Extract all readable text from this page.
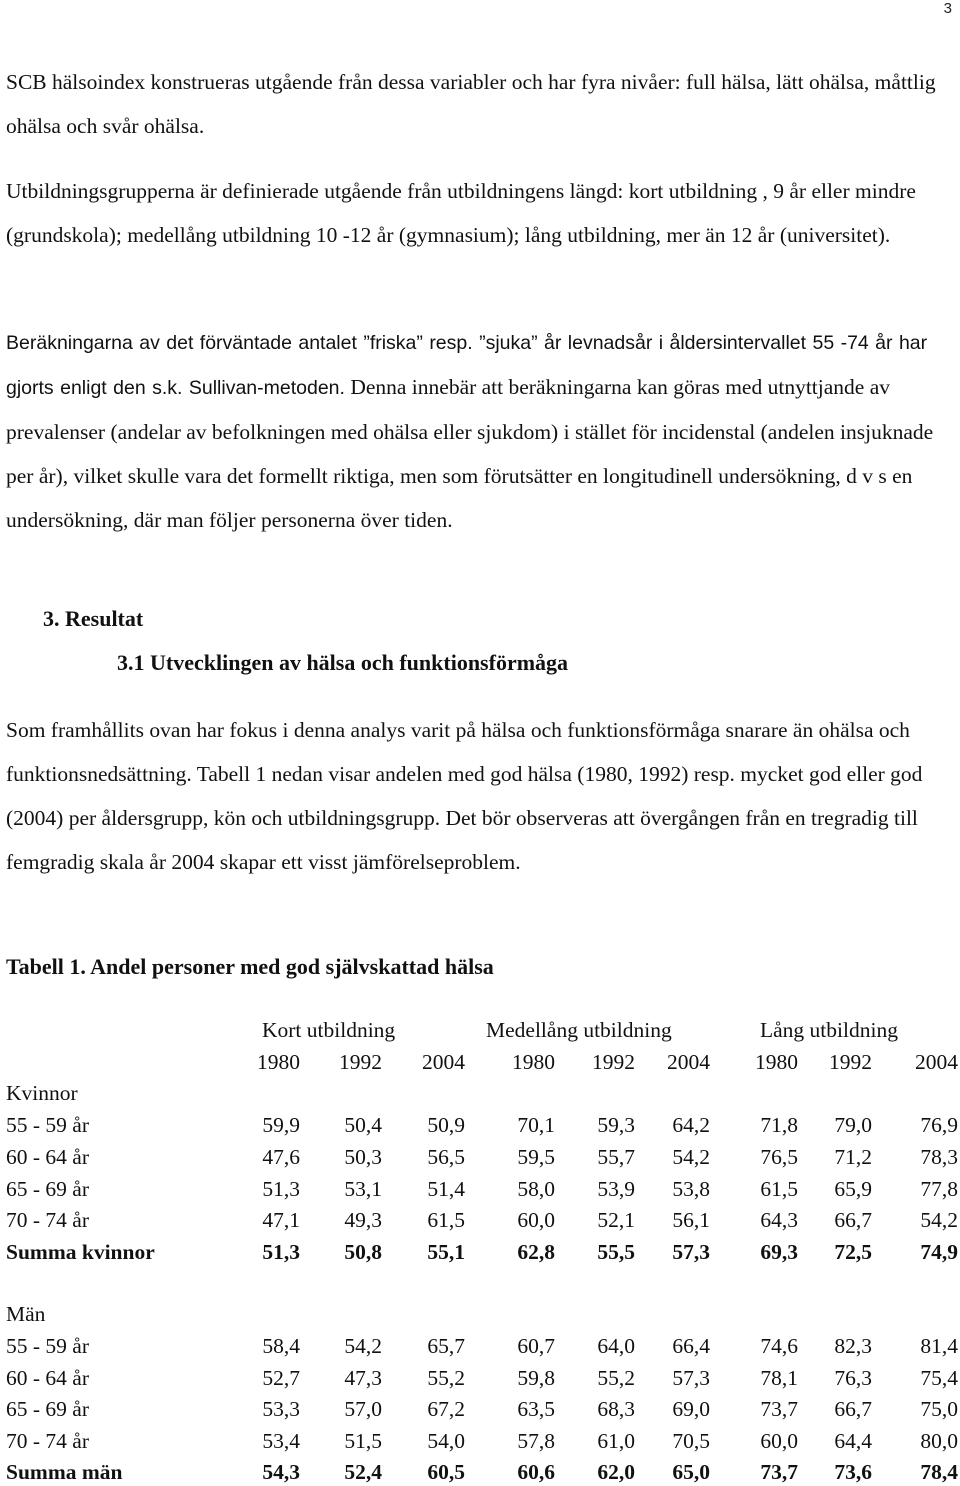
3

SCB hälsoindex konstrueras utgående från dessa variabler och har fyra nivåer: full hälsa, lätt ohälsa, måttlig ohälsa och svår ohälsa.

Utbildningsgrupperna är definierade utgående från utbildningens längd: kort utbildning , 9 år eller mindre (grundskola); medellång utbildning 10 -12 år (gymnasium); lång utbildning, mer än 12 år (universitet).

Beräkningarna av det förväntade antalet ”friska” resp. ”sjuka” år levnadsår i åldersintervallet 55 -74 år har gjorts enligt den s.k. Sullivan-metoden. Denna innebär att beräkningarna kan göras med utnyttjande av prevalenser (andelar av befolkningen med ohälsa eller sjukdom) i stället för incidenstal (andelen insjuknade per år), vilket skulle vara det formellt riktiga, men som förutsätter en longitudinell undersökning, d v s en undersökning, där man följer personerna över tiden.

3. Resultat
3.1 Utvecklingen av hälsa och funktionsförmåga

Som framhållits ovan har fokus i denna analys varit på hälsa och funktionsförmåga snarare än ohälsa och funktionsnedsättning. Tabell 1 nedan visar andelen med god hälsa (1980, 1992) resp. mycket god eller god (2004) per åldersgrupp, kön och utbildningsgrupp. Det bör observeras att övergången från en tregradig till femgradig skala år 2004 skapar ett visst jämförelseproblem.

Tabell 1. Andel personer med god självskattad hälsa
Kort utbildning	Medellång utbildning	Lång utbildning
1980 1992 2004 1980 1992 2004 1980 1992 2004
Kvinnor
55 - 59 år	59,9 50,4 50,9 70,1 59,3 64,2 71,8 79,0 76,9
60 - 64 år	47,6 50,3 56,5 59,5 55,7 54,2 76,5 71,2 78,3
65 - 69 år	51,3 53,1 51,4 58,0 53,9 53,8 61,5 65,9 77,8
70 - 74 år	47,1 49,3 61,5 60,0 52,1 56,1 64,3 66,7 54,2
Summa kvinnor	51,3 50,8 55,1 62,8 55,5 57,3 69,3 72,5 74,9
Män
55 - 59 år	58,4 54,2 65,7 60,7 64,0 66,4 74,6 82,3 81,4
60 - 64 år	52,7 47,3 55,2 59,8 55,2 57,3 78,1 76,3 75,4
65 - 69 år	53,3 57,0 67,2 63,5 68,3 69,0 73,7 66,7 75,0
70 - 74 år	53,4 51,5 54,0 57,8 61,0 70,5 60,0 64,4 80,0
Summa män	54,3 52,4 60,5 60,6 62,0 65,0 73,7 73,6 78,4
